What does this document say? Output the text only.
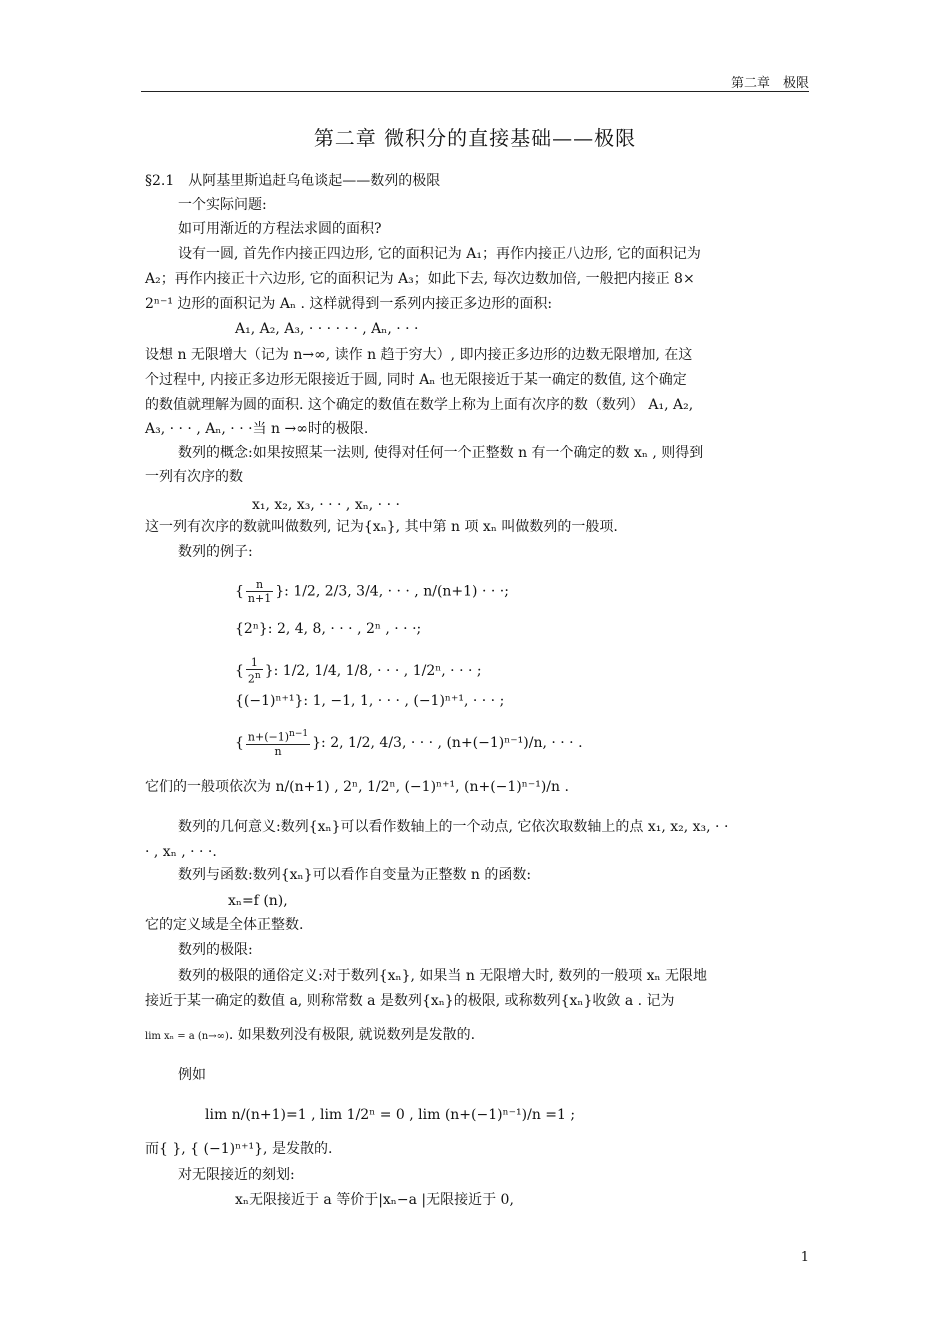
第二章　极限
第二章 微积分的直接基础——极限
§2.1　从阿基里斯追赶乌龟谈起——数列的极限
一个实际问题:
如可用渐近的方程法求圆的面积?
设有一圆, 首先作内接正四边形, 它的面积记为 A₁；再作内接正八边形, 它的面积记为
A₂；再作内接正十六边形, 它的面积记为 A₃；如此下去, 每次边数加倍, 一般把内接正 8×
2ⁿ⁻¹ 边形的面积记为 Aₙ . 这样就得到一系列内接正多边形的面积:
A₁, A₂, A₃, · · · · · · , Aₙ, · · ·
设想 n 无限增大（记为 n→∞, 读作 n 趋于穷大）, 即内接正多边形的边数无限增加, 在这
个过程中, 内接正多边形无限接近于圆, 同时 Aₙ 也无限接近于某一确定的数值, 这个确定
的数值就理解为圆的面积. 这个确定的数值在数学上称为上面有次序的数（数列） A₁, A₂,
A₃, · · · , Aₙ, · · ·当 n →∞时的极限.
数列的概念:如果按照某一法则, 使得对任何一个正整数 n 有一个确定的数 xₙ , 则得到
一列有次序的数
x₁, x₂, x₃, · · · , xₙ, · · ·
这一列有次序的数就叫做数列, 记为{xₙ}, 其中第 n 项 xₙ 叫做数列的一般项.
数列的例子:
{ $\frac{n}{n+1}$ }: 1/2, 2/3, 3/4, · · · , n/(n+1) · · ·;
{2ⁿ}: 2, 4, 8, · · · , 2ⁿ , · · ·;
{ $\frac{1}{2^n}$ }: 1/2, 1/4, 1/8, · · · , 1/2ⁿ, · · · ;
{(−1)ⁿ⁺¹}: 1, −1, 1, · · · , (−1)ⁿ⁺¹, · · · ;
{ $\frac{n+(-1)^{n-1}}{n}$ }: 2, 1/2, 4/3, · · · , (n+(−1)ⁿ⁻¹)/n, · · · .
它们的一般项依次为 n/(n+1) , 2ⁿ, 1/2ⁿ, (−1)ⁿ⁺¹, (n+(−1)ⁿ⁻¹)/n .
数列的几何意义:数列{xₙ}可以看作数轴上的一个动点, 它依次取数轴上的点 x₁, x₂, x₃, · ·
· , xₙ , · · ·.
数列与函数:数列{xₙ}可以看作自变量为正整数 n 的函数:
xₙ=f (n),
它的定义域是全体正整数.
数列的极限:
数列的极限的通俗定义:对于数列{xₙ}, 如果当 n 无限增大时, 数列的一般项 xₙ 无限地
接近于某一确定的数值 a, 则称常数 a 是数列{xₙ}的极限, 或称数列{xₙ}收敛 a . 记为
lim xₙ = a (n→∞). 如果数列没有极限, 就说数列是发散的.
例如
lim n/(n+1)=1 , lim 1/2ⁿ = 0 , lim (n+(−1)ⁿ⁻¹)/n =1 ;
而{ }, { (−1)ⁿ⁺¹}, 是发散的.
对无限接近的刻划:
xₙ无限接近于 a 等价于|xₙ−a |无限接近于 0,
1
